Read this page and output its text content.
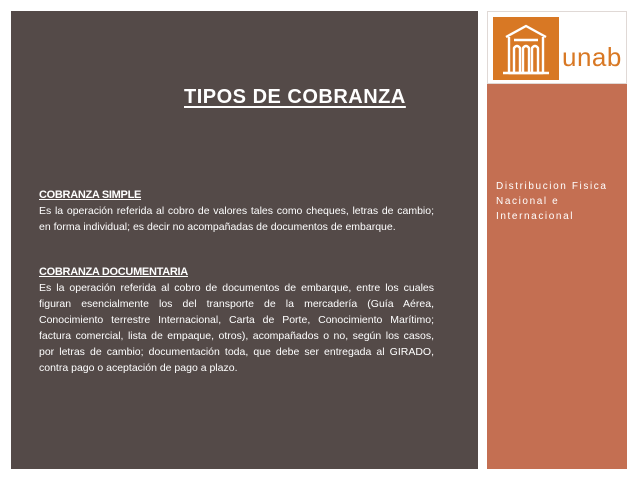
unab
Distribucion Fisica
Nacional e
Internacional
TIPOS DE COBRANZA
COBRANZA SIMPLE
Es la operación referida al cobro de valores tales como cheques, letras de cambio; en forma individual; es decir no acompañadas de documentos de embarque.
COBRANZA DOCUMENTARIA
Es la operación referida al cobro de documentos de embarque, entre los cuales figuran esencialmente los del transporte de la mercadería (Guía Aérea, Conocimiento terrestre Internacional, Carta de Porte, Conocimiento Marítimo; factura comercial, lista de empaque, otros), acompañados o no, según los casos, por letras de cambio; documentación toda, que debe ser entregada al GIRADO, contra pago o aceptación de pago a plazo.
